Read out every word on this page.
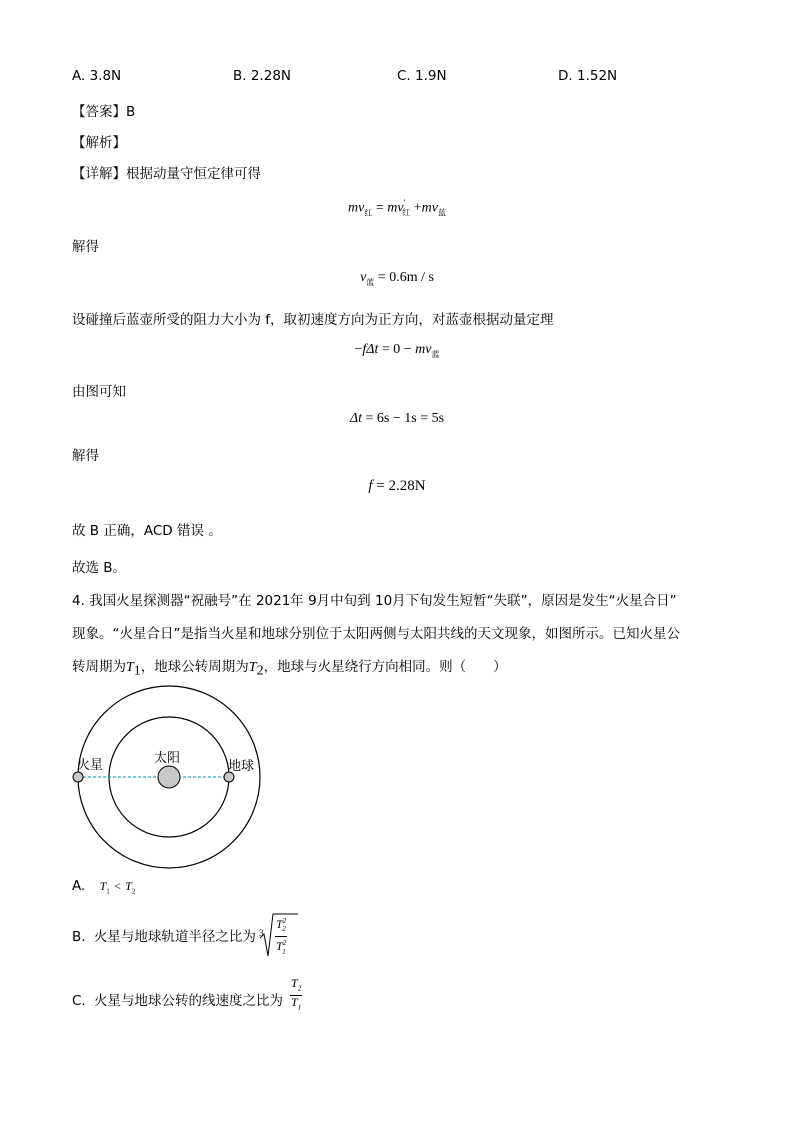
A. 3.8N	B. 2.28N	C. 1.9N	D. 1.52N
【答案】B
【解析】
【详解】根据动量守恒定律可得
$mv_红 = mv'_红 +mv_蓝$
解得
$v_蓝 = 0.6m / s$
设碰撞后蓝壶所受的阻力大小为 f，取初速度方向为正方向，对蓝壶根据动量定理
$-f\Delta t = 0 - mv_蓝$
由图可知
Δt = 6s − 1s = 5s
解得
f = 2.28N
故 B 正确，ACD 错误 。
故选 B。
4. 我国火星探测器“祝融号”在 2021年 9月中旬到 10月下旬发生短暂“失联”，原因是发生“火星合日”
现象。“火星合日”是指当火星和地球分别位于太阳两侧与太阳共线的天文现象，如图所示。已知火星公
转周期为$T_1$，地球公转周期为$T_2$，地球与火星绕行方向相同。则（　　）
火星	太阳
地球
A. $T_1 < T_2$
B. 火星与地球轨道半径之比为 $3 \frac{T^2_2}{T^2_1}$
C. 火星与地球公转的线速度之比为 $\frac{T_2}{T_1}$
